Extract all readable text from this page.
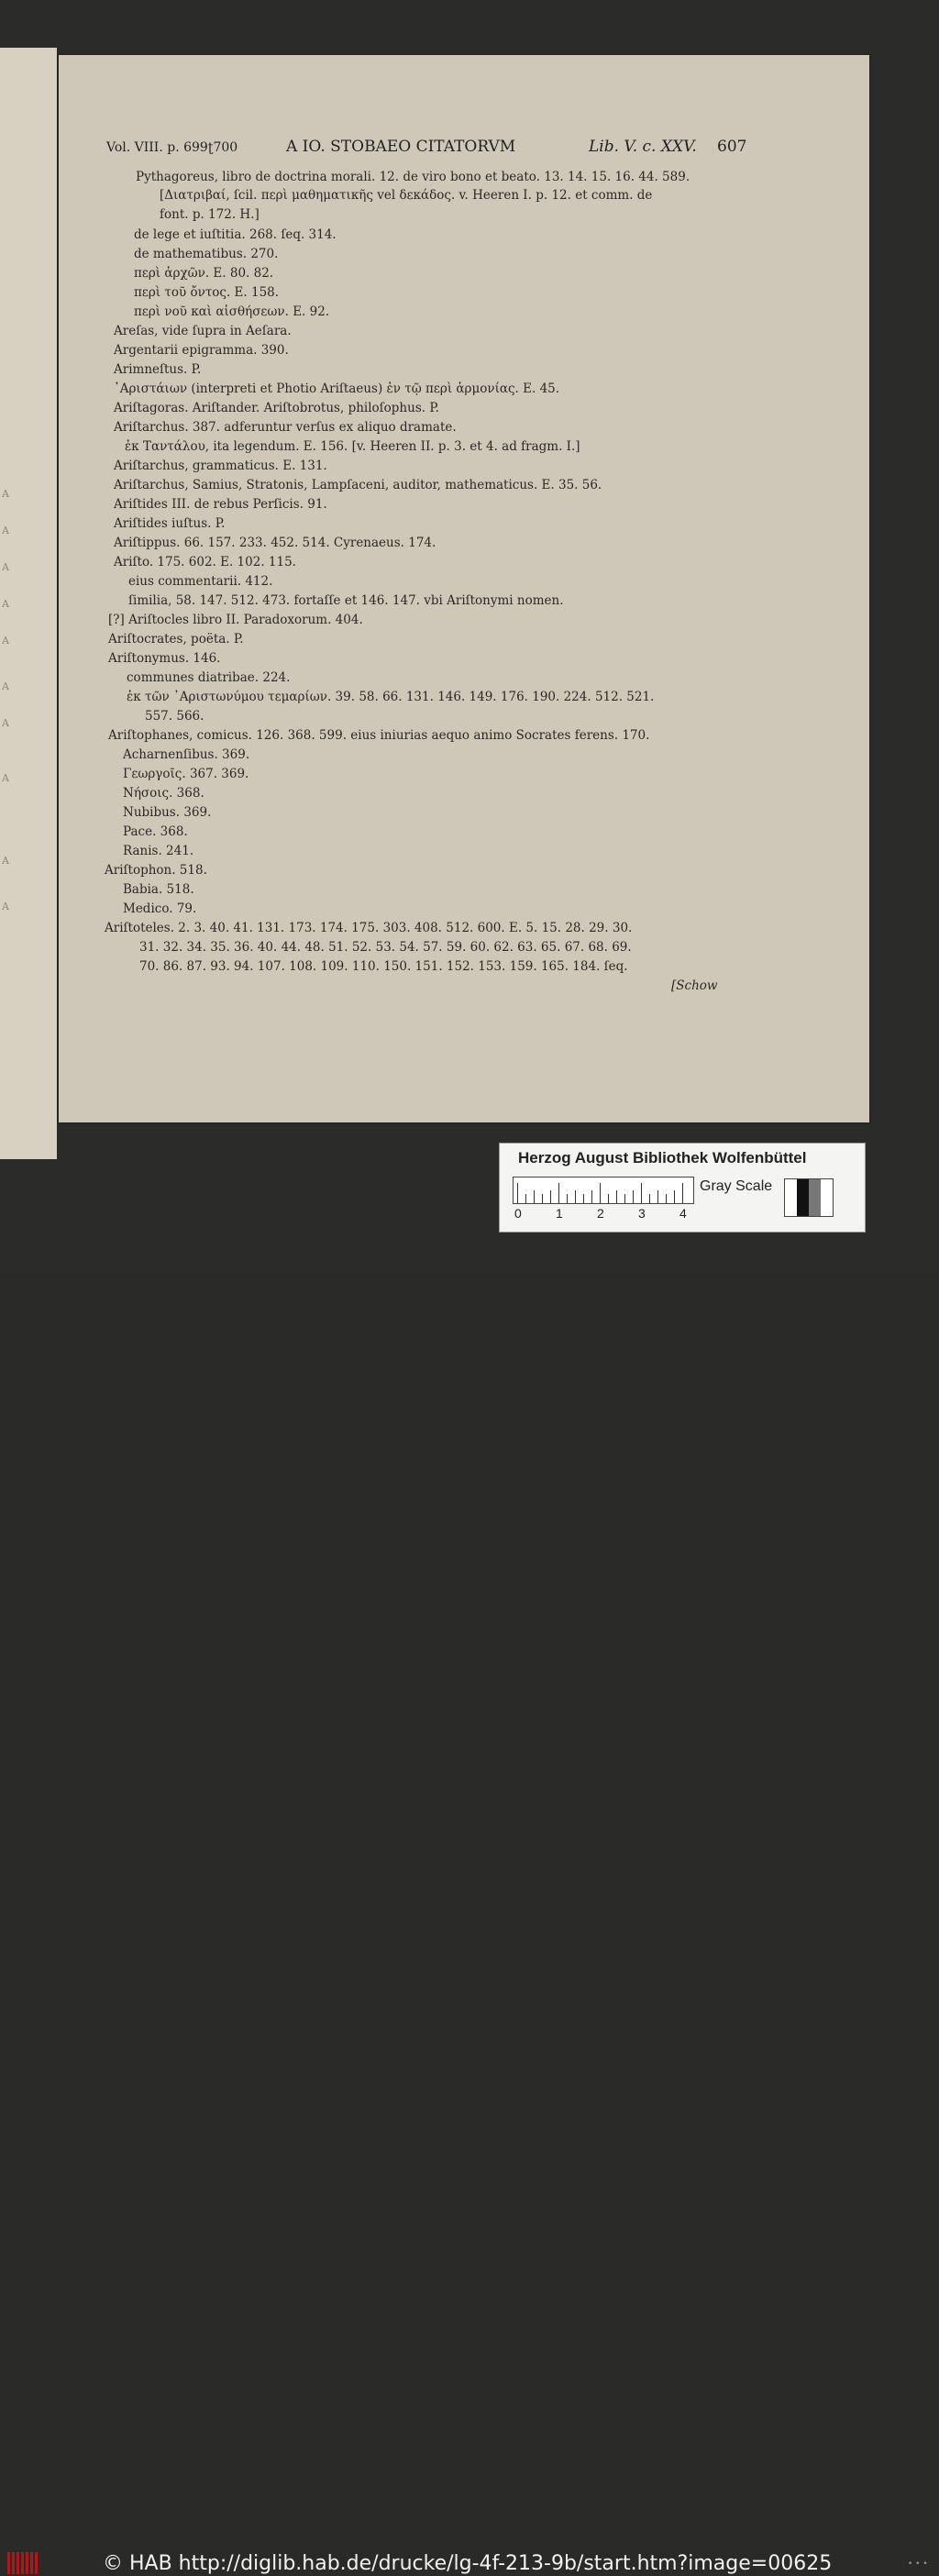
A
A
A
A
A
A
A
A
A
A
Vol. VIII. p. 699ʈ700	A IO. STOBAEO CITATORVM	Lib. V. c. XXV. 607
Pythagoreus, libro de doctrina morali. 12. de viro bono et beato. 13. 14. 15. 16. 44. 589.
[Διατριβαί, ſcil. περὶ μαθηματικῆς vel δεκάδος. v. Heeren I. p. 12. et comm. de
font. p. 172. H.]
de lege et iuſtitia. 268. ſeq. 314.
de mathematibus. 270.
περὶ ἀρχῶν. E. 80. 82.
περὶ τοῦ ὄντος. E. 158.
περὶ νοῦ καὶ αἰσθήσεων. E. 92.
Areſas, vide ſupra in Aeſara.
Argentarii epigramma. 390.
Arimneſtus. P.
᾿Αριστάιων (interpreti et Photio Ariſtaeus) ἐν τῷ περὶ ἁρμονίας. E. 45.
Ariſtagoras. Ariſtander. Ariſtobrotus, philoſophus. P.
Ariſtarchus. 387. adferuntur verſus ex aliquo dramate.
ἐκ Ταντάλου, ita legendum. E. 156. [v. Heeren II. p. 3. et 4. ad fragm. I.]
Ariſtarchus, grammaticus. E. 131.
Ariſtarchus, Samius, Stratonis, Lampſaceni, auditor, mathematicus. E. 35. 56.
Ariſtides III. de rebus Perſicis. 91.
Ariſtides iuſtus. P.
Ariſtippus. 66. 157. 233. 452. 514. Cyrenaeus. 174.
Ariſto. 175. 602. E. 102. 115.
eius commentarii. 412.
ſimilia, 58. 147. 512. 473. fortaſſe et 146. 147. vbi Ariſtonymi nomen.
[?] Ariſtocles libro II. Paradoxorum. 404.
Ariſtocrates, poëta. P.
Ariſtonymus. 146.
communes diatribae. 224.
ἐκ τῶν ᾿Αριστωνύμου τεμαρίων. 39. 58. 66. 131. 146. 149. 176. 190. 224. 512. 521.
557. 566.
Ariſtophanes, comicus. 126. 368. 599. eius iniurias aequo animo Socrates ferens. 170.
Acharnenſibus. 369.
Γεωργοῖς. 367. 369.
Νήσοις. 368.
Nubibus. 369.
Pace. 368.
Ranis. 241.
Ariſtophon. 518.
Babia. 518.
Medico. 79.
Ariſtoteles. 2. 3. 40. 41. 131. 173. 174. 175. 303. 408. 512. 600. E. 5. 15. 28. 29. 30.
31. 32. 34. 35. 36. 40. 44. 48. 51. 52. 53. 54. 57. 59. 60. 62. 63. 65. 67. 68. 69.
70. 86. 87. 93. 94. 107. 108. 109. 110. 150. 151. 152. 153. 159. 165. 184. ſeq.
[Schow
Herzog August Bibliothek Wolfenbüttel
0	1	2	3	4
Gray Scale
© HAB http://diglib.hab.de/drucke/lg-4f-213-9b/start.htm?image=00625	• • •
